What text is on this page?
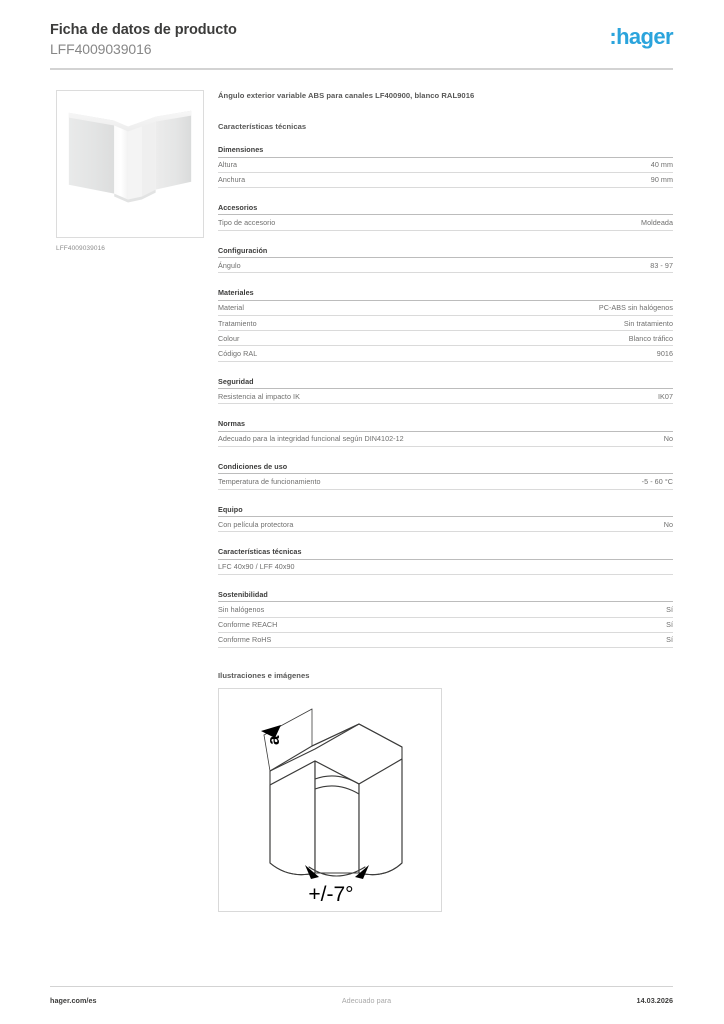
Ficha de datos de producto
LFF4009039016	:hager
LFF4009039016
Ángulo exterior variable ABS para canales LF400900, blanco RAL9016
Características técnicas
Dimensiones
Altura	40 mm
Anchura	90 mm
Accesorios
Tipo de accesorio	Moldeada
Configuración
Ángulo	83 - 97
Materiales
Material	PC-ABS sin halógenos
Tratamiento	Sin tratamiento
Colour	Blanco tráfico
Código RAL	9016
Seguridad
Resistencia al impacto IK	IK07
Normas
Adecuado para la integridad funcional según DIN4102-12	No
Condiciones de uso
Temperatura de funcionamiento	-5 - 60 °C
Equipo
Con película protectora	No
Características técnicas
LFC 40x90 / LFF 40x90
Sostenibilidad
Sin halógenos	Sí
Conforme REACH	Sí
Conforme RoHS	Sí
Ilustraciones e imágenes
a
+/-7°
hager.com/es	Adecuado para	14.03.2026
